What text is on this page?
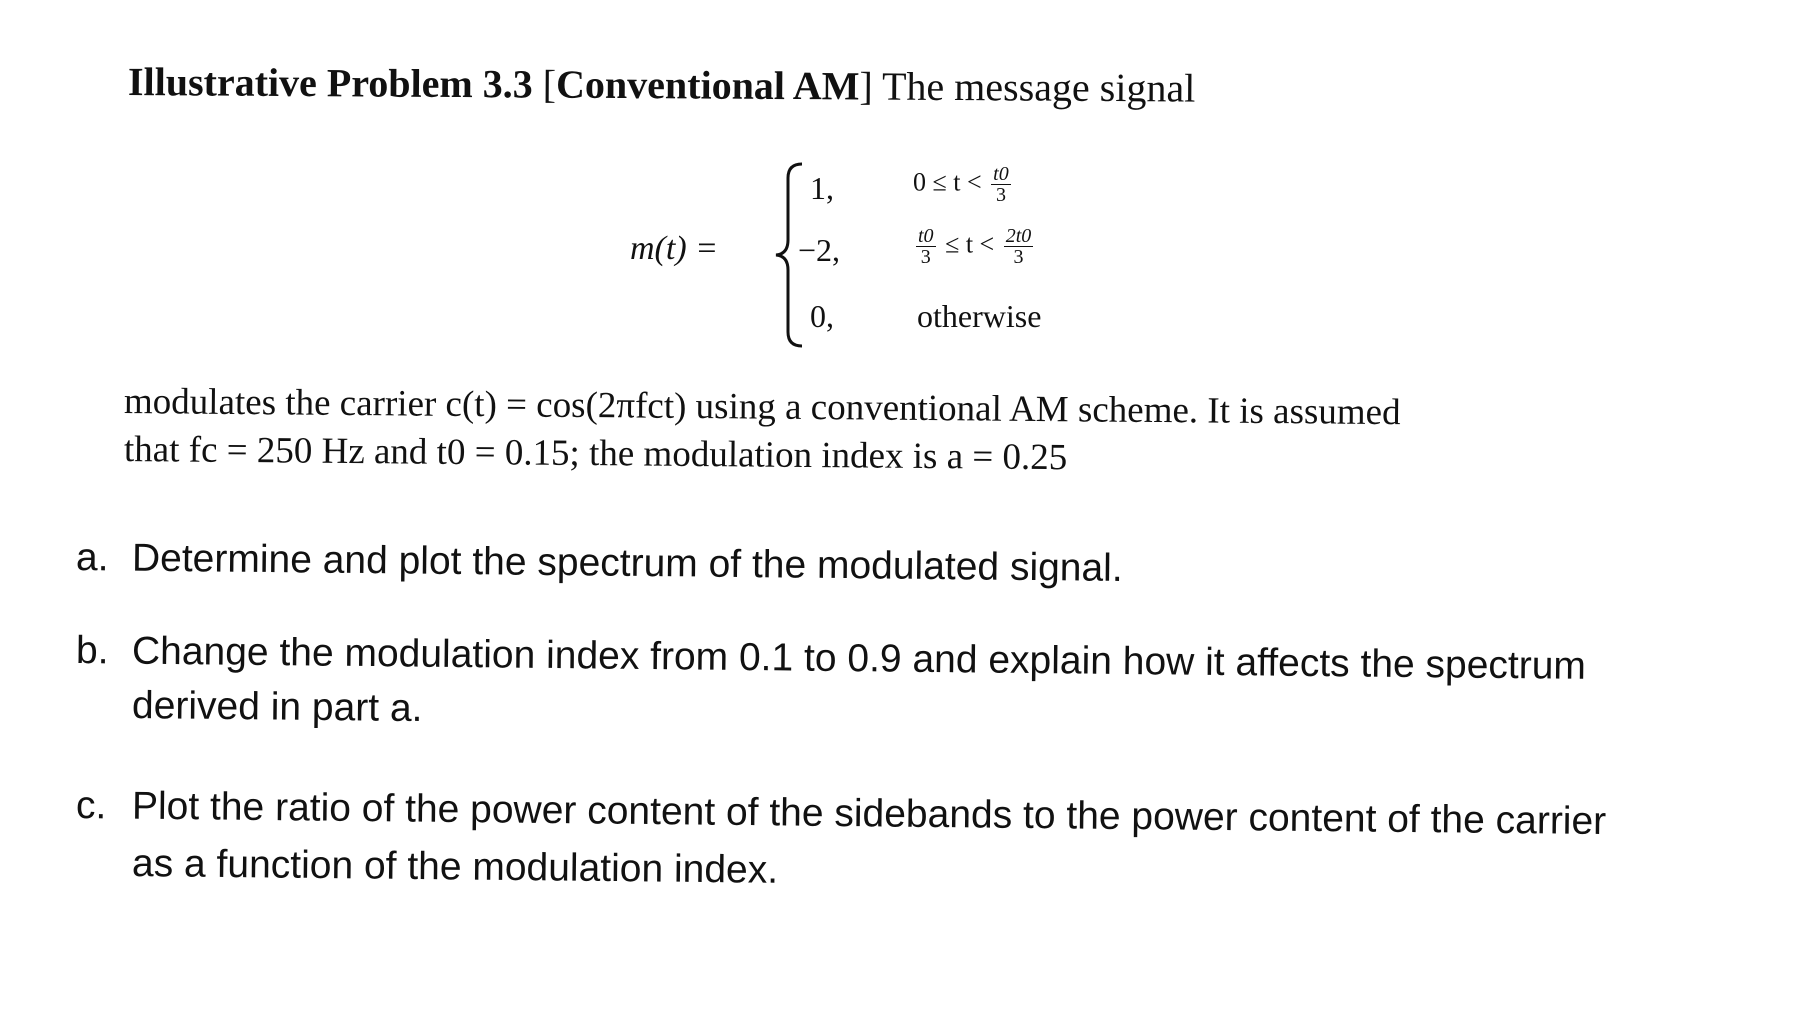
Illustrative Problem 3.3 [Conventional AM] The message signal
m(t) =
1,	$0 \le t < \frac{t0}{3}$
−2,	$\frac{t0}{3} \le t < \frac{2t0}{3}$
0,	otherwise
modulates the carrier c(t) = cos(2πfct) using a conventional AM scheme. It is assumed
that fc = 250 Hz and t0 = 0.15; the modulation index is a = 0.25
a. Determine and plot the spectrum of the modulated signal.
b. Change the modulation index from 0.1 to 0.9 and explain how it affects the spectrum
derived in part a.
c. Plot the ratio of the power content of the sidebands to the power content of the carrier
as a function of the modulation index.
